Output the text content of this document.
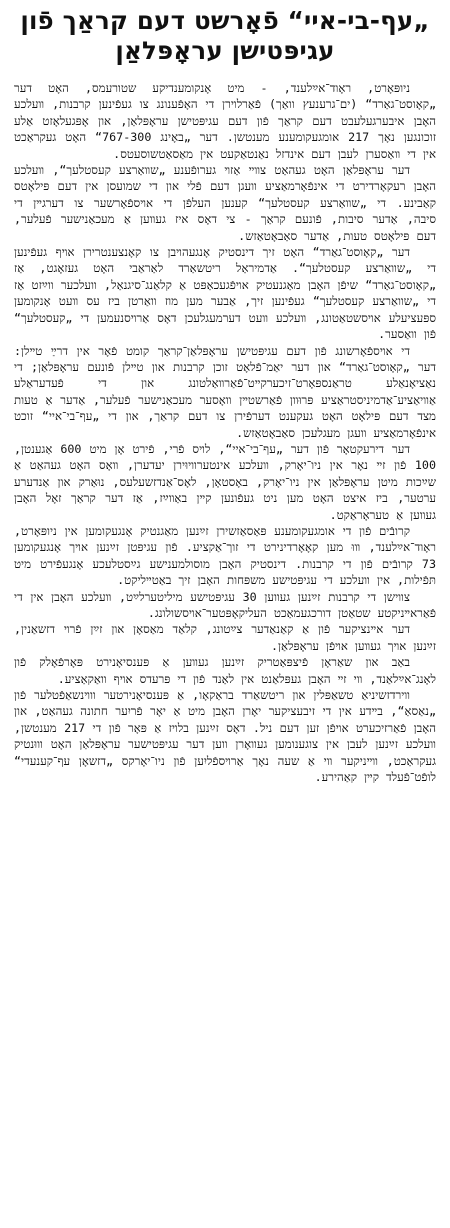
„עף-בי-איי“ פֿאָרשט דעם קראַך פֿון
עגיפּטישן עראָפּלאַן

ניופּאָרט, ראָוד־אײַלענד, - מיט אָנקומענדיקע שטורעמס, האָט דער „קאָוסט־גאַרד“ (ים־גרענעץ וואַך) פֿאַרלױרן די האָפֿענונג צו געפֿינען קרבנות, װעלכע האָבן איבערגעלעבט דעם קראַך פֿון דעם עגיפּטישן עראָפּלאַן, און אָפּגעלאָזט אַלע זוכונגען נאָך 217 אומגעקומענע מענטשן. דער „באָינג 767-300“ האָט געקראַכט אין די װאַסערן לעבן דעם אינדזל נאַנטאַקעט אין מאַסאַטשוסעטס.

דער עראָפּלאַן האָט געהאַט צװײ אַזױ גערופֿענע „שװאַרצע קעסטלעך“, װעלכע האָבן רעקאָרדירט די אינפֿאָרמאַציע װעגן דעם פֿלי און די שמועסן אין דעם פּילאָטס קאַבינע. די „שװאַרצע קעסטלעך“ קענען העלפֿן די אױספֿאָרשער צו דערגײן די סיבה, אַדער סיבות, פֿונעם קראַך - צי דאָס איז געװען אַ מעכאַנישער פֿעלער, דעם פּילאָטס טעות, אַדער סאַבאָטאַזש.

דער „קאָוסט־גאַרד“ האָט זיך דינסטיק אָנגעהױבן צו קאָנצענטרירן אױף געפֿינען די „שװאַרצע קעסטלעך“. אַדמיראַל ריטשאַרד לאַראַבי האָט געזאָגט, אַז „קאָוסט־גאַרד“ שיפֿן האָבן מאַגנעטיק אױפֿגעכאַפּט אַ קלאַנג־סיגנאַל, װעלכער װײַזט אַז די „שװאַרצע קעסטלעך“ געפֿינען זיך, אַבער מען מוז װאַרטן ביז עס װעט אָנקומען ספּעציעלע אױסשטאַטונג, װעלכע װעט דערמעגלעכן דאָס אַרױסנעמען די „קעסטלעך“ פֿון װאַסער.

די אױספֿאָרשונג פֿון דעם עגיפּטישן עראָפּלאַן־קראַך קומט פֿאָר אין דרײַ טײלן: דער „קאָוסט־גאַרד“ און דער יאַמ־פֿלאָט זוכן קרבנות און טײלן פֿונעם עראָפּלאַן; די נאַציאָנאַלע טראַנספּאָרט־זיכערקײט־פֿאַרװאַלטונג און די פֿעדעראַלע אַװיאַציע־אַדמיניסטראַציע פּרוּװן פֿאַרשטײן װאָסער מעכאַנישער פֿעלער, אַדער אַ טעות מצד דעם פּילאָט האָט געקענט דערפֿירן צו דעם קראַך, און די „עף־בי־איי“ זוכט אינפֿאָרמאַציע װעגן מעגלעכן סאַבאָטאַזש.

דער דירעקטאָר פֿון דער „עף־בי־איי“, לױס פֿרי, פֿירט אָן מיט 600 אַגענטן, 100 פֿון זײ נאָר אין ניו־יאָרק, װעלכע אינטערװיוּירן יעדערן, װאָס האָט געהאַט אַ שײַכות מיטן עראָפּלאַן אין ניו־יאָרק, באָסטאָן, לאָס־אַנדזשעלעס, נוּאַרק און אַנדערע ערטער, ביז איצט האָט מען ניט געפֿונען קײן באַװײַז, אַז דער קראַך זאָל האָבן געװען אַ טעראָראַקט.

קרובֿים פֿון די אומגעקומענע פּאַסאַזשירן זײַנען מאַגנטיק אָנגעקומען אין ניופּאָרט, ראָוד־אײַלענד, װוּ מען קאָאָרדינירט די זוך־אַקציע. פֿון עגיפּטן זײַנען אױך אָנגעקומען 73 קרובֿים פֿון די קרבנות. דינסטיק האָבן מוסולמענישע גײַסטלעכע אָנגעפֿירט מיט תּפֿילות, אין װעלכע די עגיפּטישע משפּחות האָבן זיך באַטײליקט.

צװישן די קרבנות זײַנען געװען 30 עגיפּטישע מיליטערלײַט, װעלכע האָבן אין די פֿאַראײניקטע שטאַטן דורכגעמאַכט העליקאָפּטער־אױסשולונג.

דער אײנציקער פֿון אַ קאַנאַדער צײַטונג, קלאַד מאַסאָן און זײַן פֿרױ דזשאַנין, זײַנען אױך געװען אױפֿן עראָפּלאַן.

באַב און שאַראָן פֿיצפּאַטריק זײַנען געװען אַ פּענסיאָנירט פּאָרפֿאָלק פֿון לאָנג־אײַלאַנד, װי זײ האָבן געפּלאַנט אין לאַנד פֿון די פּרעדס אױף װאַקאַציע.

װירדזשיניאַ טשאַפּלין און ריטשאַרד בראַקאָו, אַ פּענסיאָנירטער װױנשאַפֿטלער פֿון „נאַסאַ“, בײדע אין די זיבעציקער יאָרן האָבן מיט אַ יאָר פֿריִער חתונה געהאַט, און האָבן פֿאַרזיכערט אױפֿן זען דעם ניל. דאָס זײַנען בלױז אַ פּאָר פֿון די 217 מענטשן, װעלכע זײַנען לעבן אין צוגענומען געװאָרן װען דער עגיפּטישער עראָפּלאַן האָט װוּנטיק געקראַכט, װײניקער װי אַ שעה נאָך אַרױספֿליִען פֿון ניו־יאָרקס „דזשאָן עף־קענעדי“ לופֿט־פֿעלד קײן קאַהירע.
